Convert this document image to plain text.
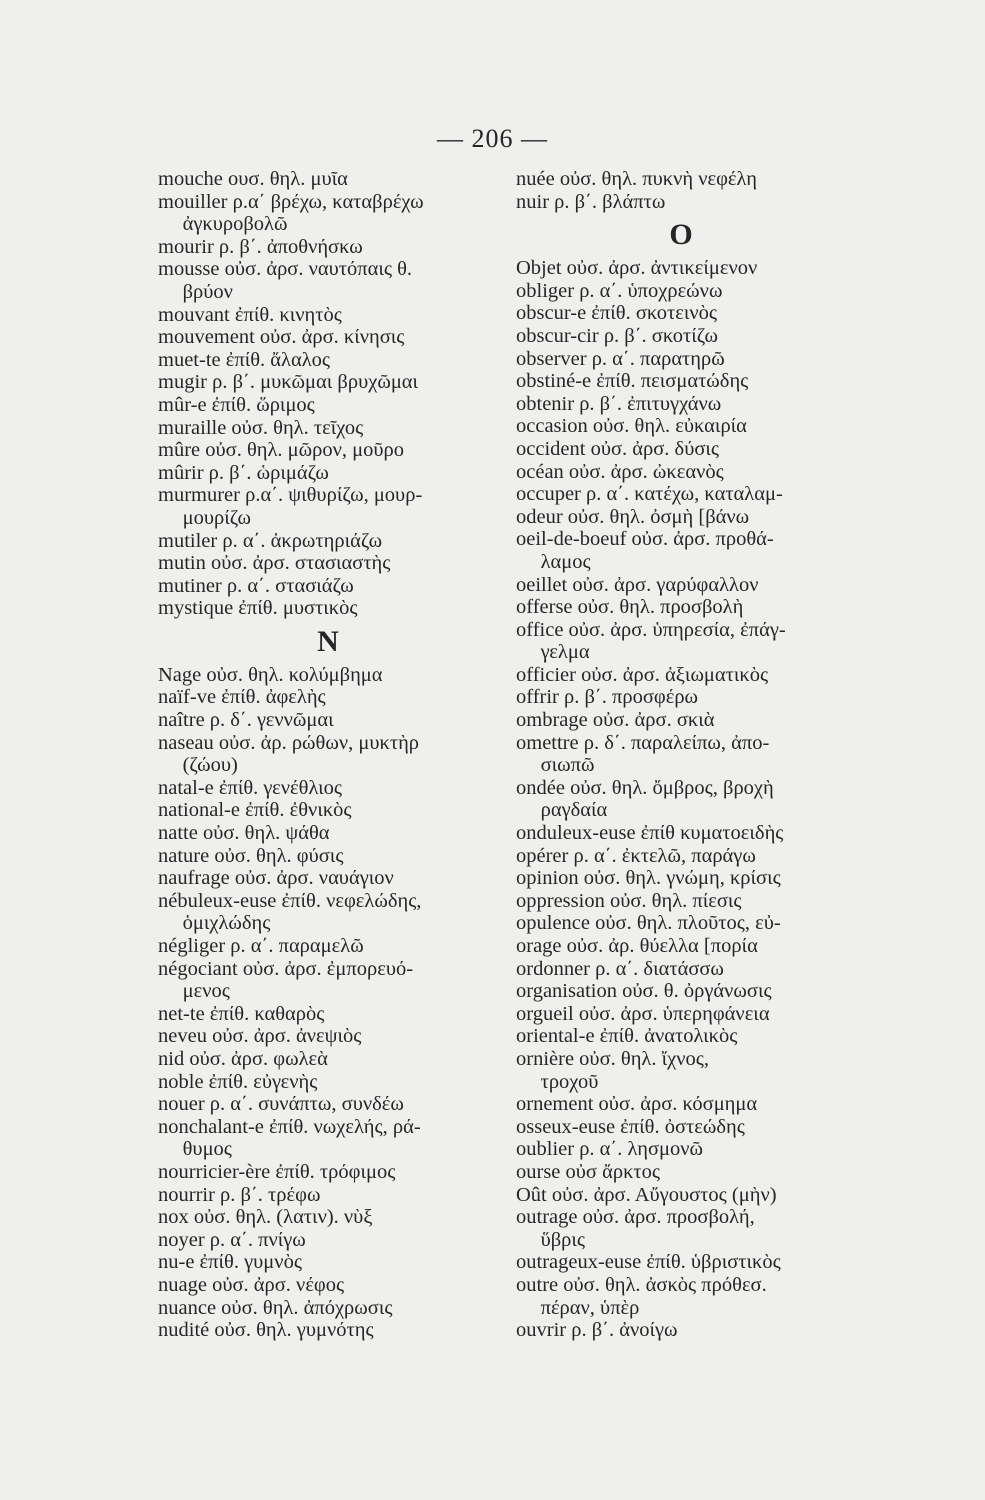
— 206 —
mouche ουσ. θηλ. μυῖα
mouiller ρ.α΄ βρέχω, καταβρέχω
ἀγκυροβολῶ
mourir ρ. β΄. ἀποθνήσκω
mousse οὐσ. ἀρσ. ναυτόπαις θ.
βρύον
mouvant ἐπίθ. κινητὸς
mouvement οὐσ. ἀρσ. κίνησις
muet-te ἐπίθ. ἄλαλος
mugir ρ. β΄. μυκῶμαι βρυχῶμαι
mûr-e ἐπίθ. ὥριμος
muraille οὐσ. θηλ. τεῖχος
mûre οὐσ. θηλ. μῶρον, μοῦρο
mûrir ρ. β΄. ὡριμάζω
murmurer ρ.α΄. ψιθυρίζω, μουρ-
μουρίζω
mutiler ρ. α΄. ἀκρωτηριάζω
mutin οὐσ. ἀρσ. στασιαστὴς
mutiner ρ. α΄. στασιάζω
mystique ἐπίθ. μυστικὸς
N
Nage οὐσ. θηλ. κολύμβημα
naïf-ve ἐπίθ. ἀφελὴς
naître ρ. δ΄. γεννῶμαι
naseau οὐσ. ἀρ. ρώθων, μυκτὴρ
(ζώου)
natal-e ἐπίθ. γενέθλιος
national-e ἐπίθ. ἐθνικὸς
natte οὐσ. θηλ. ψάθα
nature οὐσ. θηλ. φύσις
naufrage οὐσ. ἀρσ. ναυάγιον
nébuleux-euse ἐπίθ. νεφελώδης,
ὁμιχλώδης
négliger ρ. α΄. παραμελῶ
négociant οὐσ. ἀρσ. ἐμπορευό-
μενος
net-te ἐπίθ. καθαρὸς
neveu οὐσ. ἀρσ. ἀνεψιὸς
nid οὐσ. ἀρσ. φωλεὰ
noble ἐπίθ. εὐγενὴς
nouer ρ. α΄. συνάπτω, συνδέω
nonchalant-e ἐπίθ. νωχελής, ρά-
θυμος
nourricier-ère ἐπίθ. τρόφιμος
nourrir ρ. β΄. τρέφω
nox οὐσ. θηλ. (λατιν). νὺξ
noyer ρ. α΄. πνίγω
nu-e ἐπίθ. γυμνὸς
nuage οὐσ. ἀρσ. νέφος
nuance οὐσ. θηλ. ἀπόχρωσις
nudité οὐσ. θηλ. γυμνότης
nuée οὐσ. θηλ. πυκνὴ νεφέλη
nuir ρ. β΄. βλάπτω
O
Objet οὐσ. ἀρσ. ἀντικείμενον
obliger ρ. α΄. ὑποχρεώνω
obscur-e ἐπίθ. σκοτεινὸς
obscur-cir ρ. β΄. σκοτίζω
observer ρ. α΄. παρατηρῶ
obstiné-e ἐπίθ. πεισματώδης
obtenir ρ. β΄. ἐπιτυγχάνω
occasion οὐσ. θηλ. εὐκαιρία
occident οὐσ. ἀρσ. δύσις
océan οὐσ. ἀρσ. ὠκεανὸς
occuper ρ. α΄. κατέχω, καταλαμ-
odeur οὐσ. θηλ. ὀσμὴ [βάνω
oeil-de-boeuf οὐσ. ἀρσ. προθά-
λαμος
oeillet οὐσ. ἀρσ. γαρύφαλλον
offerse οὐσ. θηλ. προσβολὴ
office οὐσ. ἀρσ. ὑπηρεσία, ἐπάγ-
γελμα
officier οὐσ. ἀρσ. ἀξιωματικὸς
offrir ρ. β΄. προσφέρω
ombrage οὐσ. ἀρσ. σκιὰ
omettre ρ. δ΄. παραλείπω, ἀπο-
σιωπῶ
ondée οὐσ. θηλ. ὄμβρος, βροχὴ
ραγδαία
onduleux-euse ἐπίθ κυματοειδὴς
opérer ρ. α΄. ἐκτελῶ, παράγω
opinion οὐσ. θηλ. γνώμη, κρίσις
oppression οὐσ. θηλ. πίεσις
opulence οὐσ. θηλ. πλοῦτος, εὐ-
orage οὐσ. ἀρ. θύελλα [πορία
ordonner ρ. α΄. διατάσσω
organisation οὐσ. θ. ὀργάνωσις
orgueil οὐσ. ἀρσ. ὑπερηφάνεια
oriental-e ἐπίθ. ἀνατολικὸς
ornière οὐσ. θηλ. ἴχνος,
τροχοῦ
ornement οὐσ. ἀρσ. κόσμημα
osseux-euse ἐπίθ. ὀστεώδης
oublier ρ. α΄. λησμονῶ
ourse οὐσ ἄρκτος
Oût οὐσ. ἀρσ. Αὔγουστος (μὴν)
outrage οὐσ. ἀρσ. προσβολή,
ὕβρις
outrageux-euse ἐπίθ. ὑβριστικὸς
outre οὐσ. θηλ. ἀσκὸς πρόθεσ.
πέραν, ὑπὲρ
ouvrir ρ. β΄. ἀνοίγω
